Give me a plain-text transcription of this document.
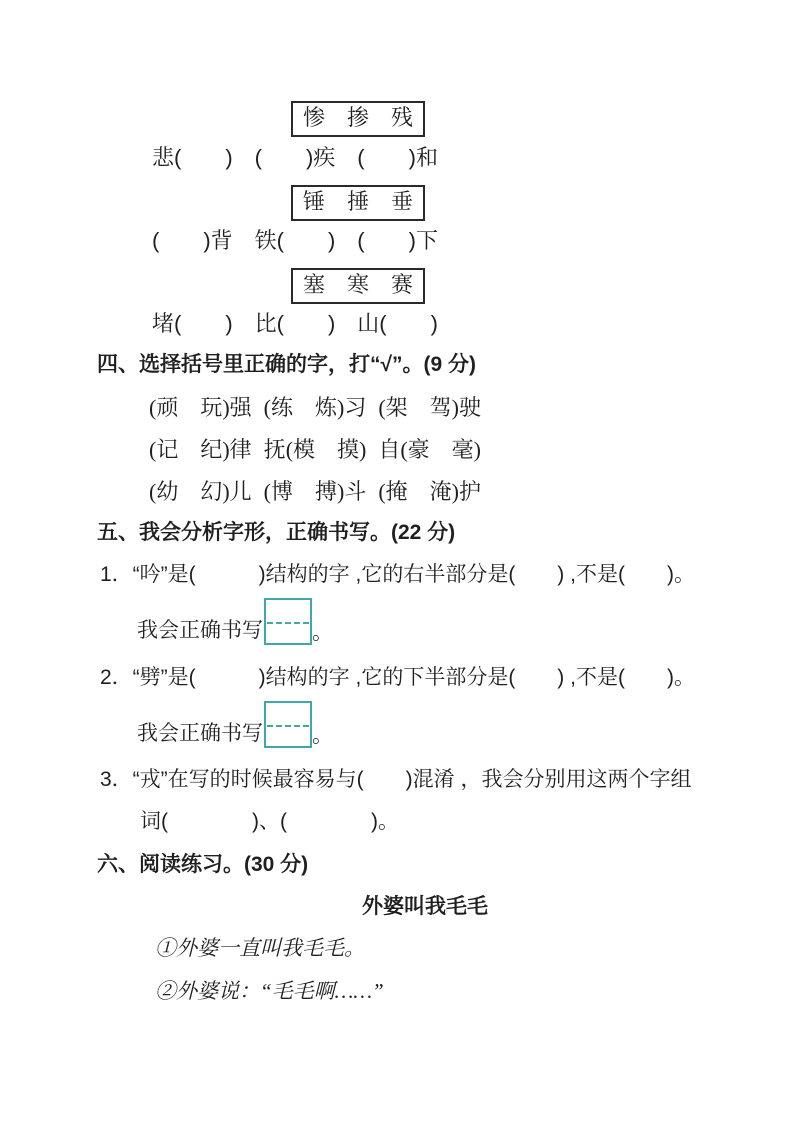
惨　掺　残
悲(　　)　(　　)疾　(　　)和
锤　捶　垂
(　　)背　铁(　　)　(　　)下
塞　寒　赛
堵(　　)　比(　　)　山(　　)
四、选择括号里正确的字，打“√”。(9 分)
(顽　玩)强 (练　炼)习 (架　驾)驶
(记　纪)律 抚(模　摸) 自(豪　毫)
(幼　幻)儿 (博　搏)斗 (掩　淹)护
五、我会分析字形，正确书写。(22 分)
1．“吟”是(　　　)结构的字 ,它的右半部分是(　　) ,不是(　　)。
我会正确书写 。
2．“劈”是(　　　)结构的字 ,它的下半部分是(　　) ,不是(　　)。
我会正确书写 。
3．“戎”在写的时候最容易与(　　)混淆 ，我会分别用这两个字组
词(　　　　)、(　　　　)。
六、阅读练习。(30 分)
外婆叫我毛毛
①外婆一直叫我毛毛。
②外婆说：“毛毛啊……”
